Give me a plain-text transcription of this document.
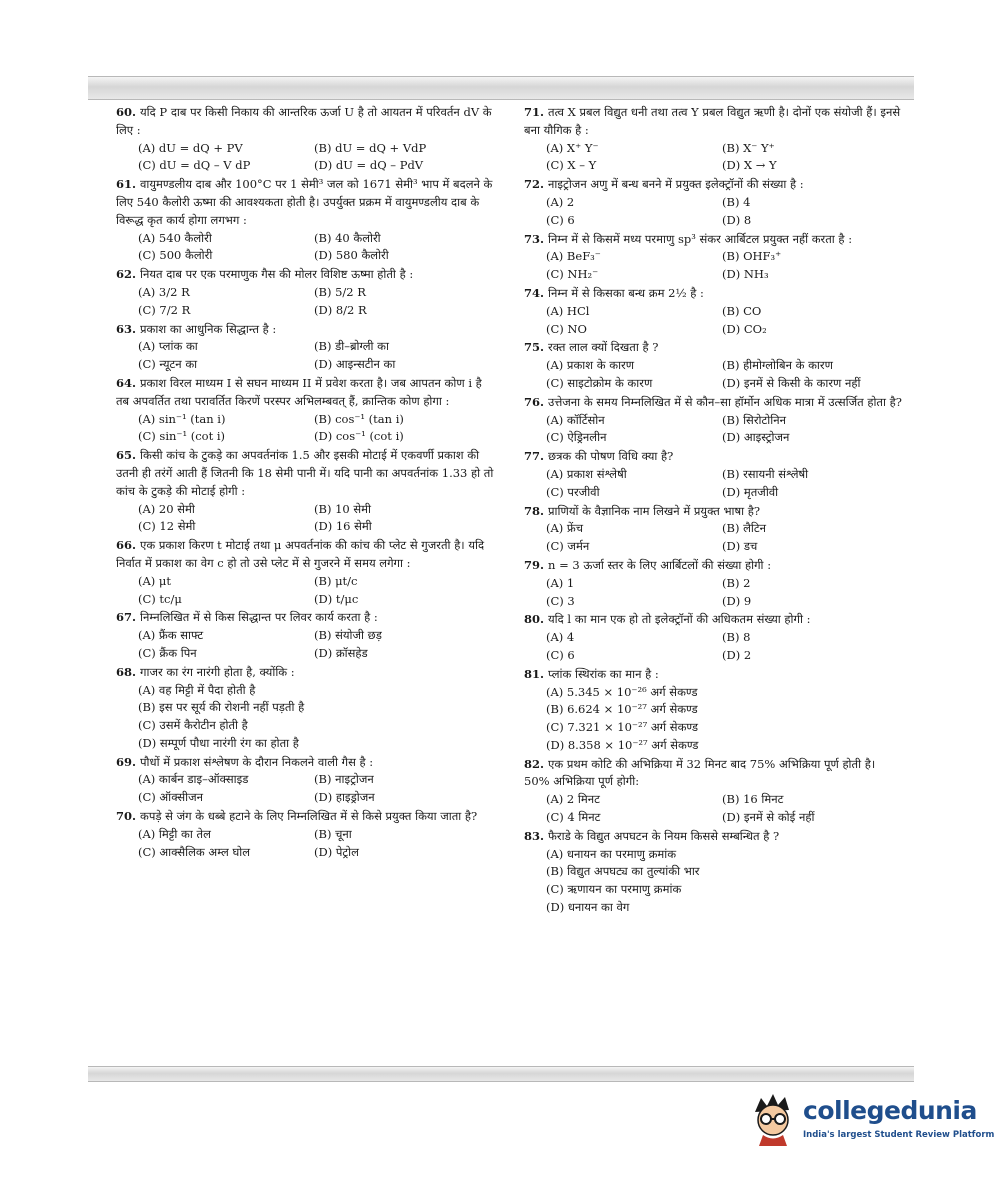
60. यदि P दाब पर किसी निकाय की आन्तरिक ऊर्जा U है तो आयतन में परिवर्तन dV के लिए :
(A) dU = dQ + PV	(B) dU = dQ + VdP
(C) dU = dQ – V dP	(D) dU = dQ – PdV
61. वायुमण्डलीय दाब और 100°C पर 1 सेमी³ जल को 1671 सेमी³ भाप में बदलने के लिए 540 कैलोरी ऊष्मा की आवश्यकता होती है। उपर्युक्त प्रक्रम में वायुमण्डलीय दाब के विरूद्ध कृत कार्य होगा लगभग :
(A) 540 कैलोरी	(B) 40 कैलोरी
(C) 500 कैलोरी	(D) 580 कैलोरी
62. नियत दाब पर एक परमाणुक गैस की मोलर विशिष्ट ऊष्मा होती है :
(A) 3/2 R	(B) 5/2 R
(C) 7/2 R	(D) 8/2 R
63. प्रकाश का आधुनिक सिद्धान्त है :
(A) प्लांक का	(B) डी–ब्रोग्ली का
(C) न्यूटन का	(D) आइन्सटीन का
64. प्रकाश विरल माध्यम I से सघन माध्यम II में प्रवेश करता है। जब आपतन कोण i है तब अपवर्तित तथा परावर्तित किरणें परस्पर अभिलम्बवत् हैं, क्रान्तिक कोण होगा :
(A) sin⁻¹ (tan i)	(B) cos⁻¹ (tan i)
(C) sin⁻¹ (cot i)	(D) cos⁻¹ (cot i)
65. किसी कांच के टुकड़े का अपवर्तनांक 1.5 और इसकी मोटाई में एकवर्णी प्रकाश की उतनी ही तरंगें आती हैं जितनी कि 18 सेमी पानी में। यदि पानी का अपवर्तनांक 1.33 हो तो कांच के टुकड़े की मोटाई होगी :
(A) 20 सेमी	(B) 10 सेमी
(C) 12 सेमी	(D) 16 सेमी
66. एक प्रकाश किरण t मोटाई तथा μ अपवर्तनांक की कांच की प्लेट से गुजरती है। यदि निर्वात में प्रकाश का वेग c हो तो उसे प्लेट में से गुजरने में समय लगेगा :
(A) μt	(B) μt/c
(C) tc/μ	(D) t/μc
67. निम्नलिखित में से किस सिद्धान्त पर लिवर कार्य करता है :
(A) फ्रैंक साफ्ट	(B) संयोजी छड़
(C) क्रैंक पिन	(D) क्रॉसहेड
68. गाजर का रंग नारंगी होता है, क्योंकि :
(A) वह मिट्टी में पैदा होती है
(B) इस पर सूर्य की रोशनी नहीं पड़ती है
(C) उसमें कैरोटीन होती है
(D) सम्पूर्ण पौधा नारंगी रंग का होता है
69. पौधों में प्रकाश संश्लेषण के दौरान निकलने वाली गैस है :
(A) कार्बन डाइ–ऑक्साइड	(B) नाइट्रोजन
(C) ऑक्सीजन	(D) हाइड्रोजन
70. कपड़े से जंग के धब्बे हटाने के लिए निम्नलिखित में से किसे प्रयुक्त किया जाता है?
(A) मिट्टी का तेल	(B) चूना
(C) आक्सैलिक अम्ल घोल	(D) पेट्रोल
71. तत्व X प्रबल विद्युत धनी तथा तत्व Y प्रबल विद्युत ऋणी है। दोनों एक संयोजी हैं। इनसे बना यौगिक है :
(A) X⁺ Y⁻	(B) X⁻ Y⁺
(C) X – Y	(D) X → Y
72. नाइट्रोजन अणु में बन्ध बनने में प्रयुक्त इलेक्ट्रॉनों की संख्या है :
(A) 2	(B) 4
(C) 6	(D) 8
73. निम्न में से किसमें मध्य परमाणु sp³ संकर आर्बिटल प्रयुक्त नहीं करता है :
(A) BeF₃⁻	(B) OHF₃⁺
(C) NH₂⁻	(D) NH₃
74. निम्न में से किसका बन्ध क्रम 2½ है :
(A) HCl	(B) CO
(C) NO	(D) CO₂
75. रक्त लाल क्यों दिखता है ?
(A) प्रकाश के कारण	(B) हीमोग्लोबिन के कारण
(C) साइटोक्रोम के कारण	(D) इनमें से किसी के कारण नहीं
76. उत्तेजना के समय निम्नलिखित में से कौन–सा हॉर्मोन अधिक मात्रा में उत्सर्जित होता है?
(A) कॉर्टिसोन	(B) सिरोटोनिन
(C) ऐड्रिनलीन	(D) आइस्ट्रोजन
77. छत्रक की पोषण विधि क्या है?
(A) प्रकाश संश्लेषी	(B) रसायनी संश्लेषी
(C) परजीवी	(D) मृतजीवी
78. प्राणियों के वैज्ञानिक नाम लिखने में प्रयुक्त भाषा है?
(A) फ्रेंच	(B) लैटिन
(C) जर्मन	(D) डच
79. n = 3 ऊर्जा स्तर के लिए आर्बिटलों की संख्या होगी :
(A) 1	(B) 2
(C) 3	(D) 9
80. यदि l का मान एक हो तो इलेक्ट्रॉनों की अधिकतम संख्या होगी :
(A) 4	(B) 8
(C) 6	(D) 2
81. प्लांक स्थिरांक का मान है :
(A) 5.345 × 10⁻²⁶ अर्ग सेकण्ड
(B) 6.624 × 10⁻²⁷ अर्ग सेकण्ड
(C) 7.321 × 10⁻²⁷ अर्ग सेकण्ड
(D) 8.358 × 10⁻²⁷ अर्ग सेकण्ड
82. एक प्रथम कोटि की अभिक्रिया में 32 मिनट बाद 75% अभिक्रिया पूर्ण होती है। 50% अभिक्रिया पूर्ण होगी:
(A) 2 मिनट	(B) 16 मिनट
(C) 4 मिनट	(D) इनमें से कोई नहीं
83. फैराडे के विद्युत अपघटन के नियम किससे सम्बन्धित है ?
(A) धनायन का परमाणु क्रमांक
(B) विद्युत अपघट्य का तुल्यांकी भार
(C) ऋणायन का परमाणु क्रमांक
(D) धनायन का वेग
collegedunia
India's largest Student Review Platform
